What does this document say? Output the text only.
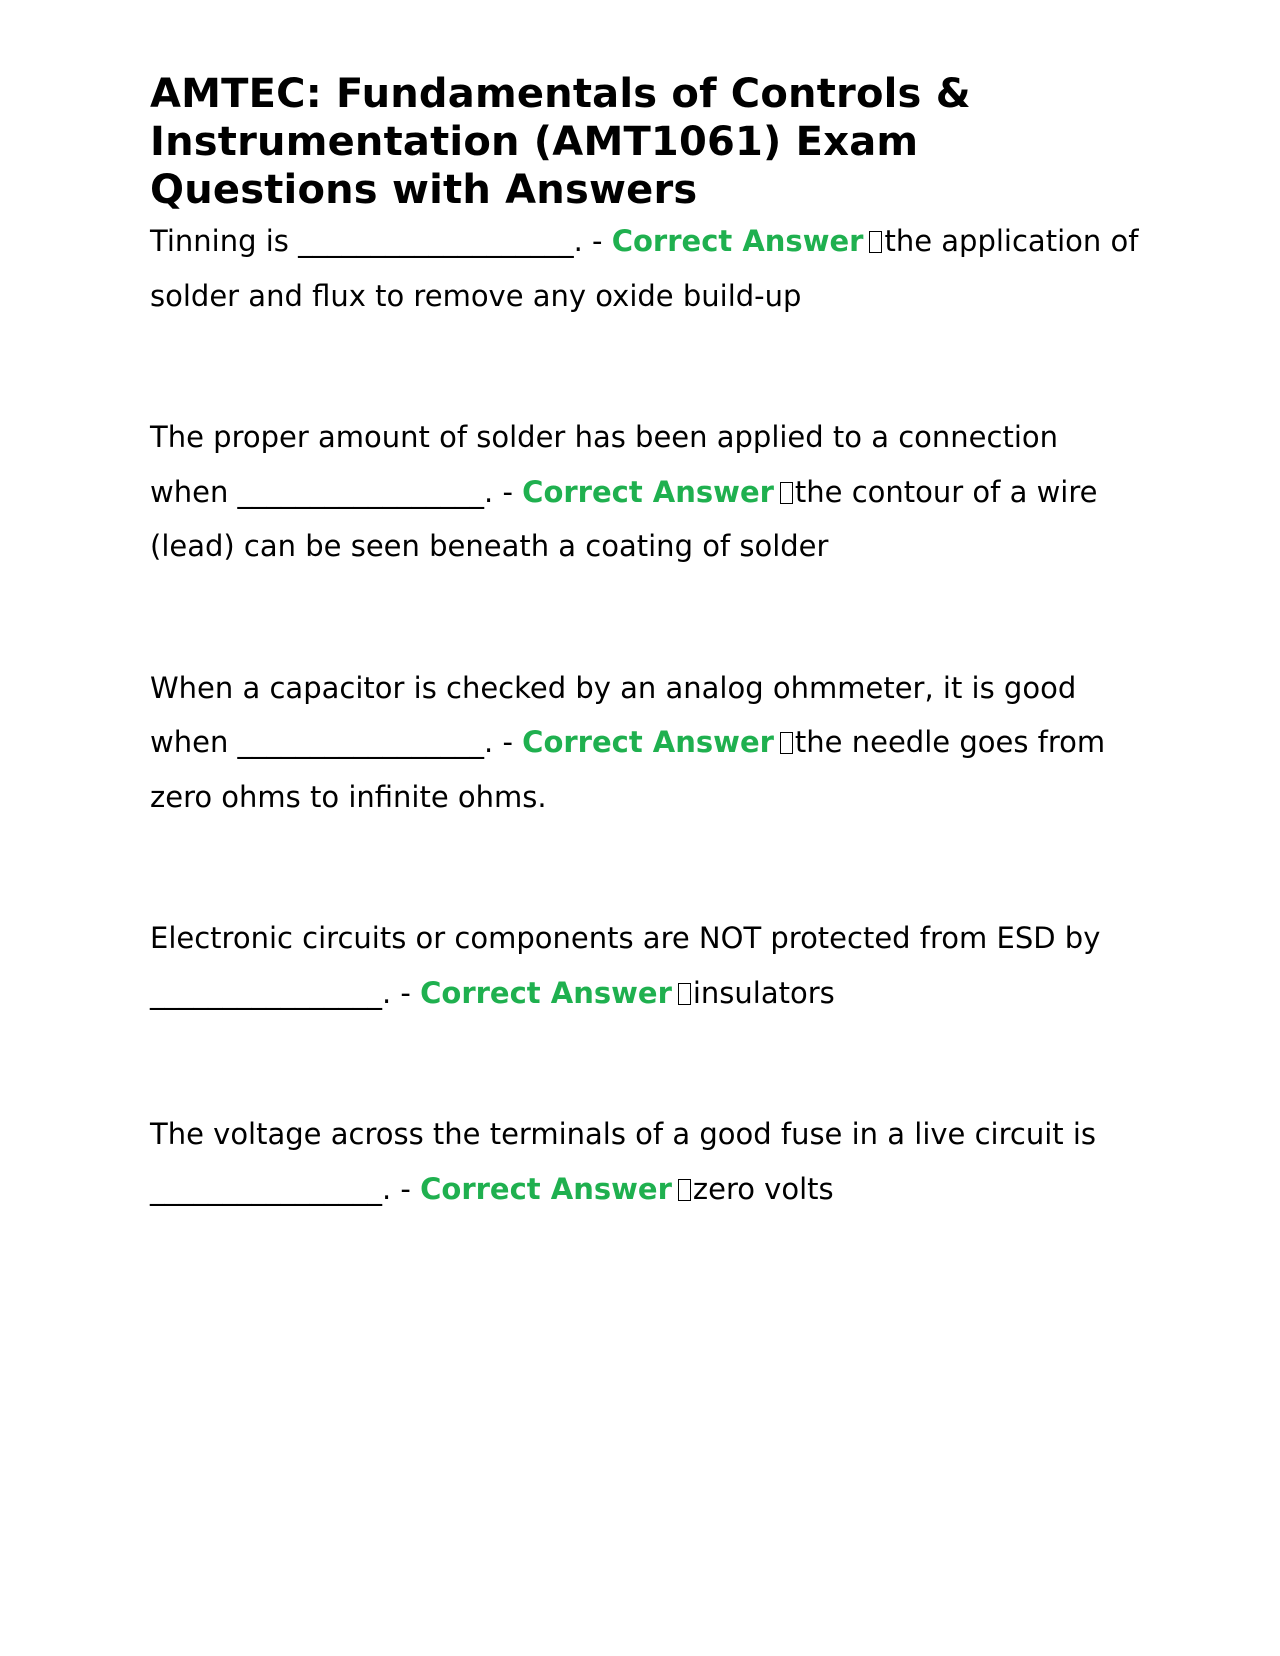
AMTEC: Fundamentals of Controls & Instrumentation (AMT1061) Exam Questions with Answers

Tinning is ___________________. - Correct Answer the application of solder and flux to remove any oxide build-up

The proper amount of solder has been applied to a connection when _________________. - Correct Answer the contour of a wire (lead) can be seen beneath a coating of solder

When a capacitor is checked by an analog ohmmeter, it is good when _________________. - Correct Answer the needle goes from zero ohms to infinite ohms.

Electronic circuits or components are NOT protected from ESD by ________________. - Correct Answer insulators

The voltage across the terminals of a good fuse in a live circuit is ________________. - Correct Answer zero volts
